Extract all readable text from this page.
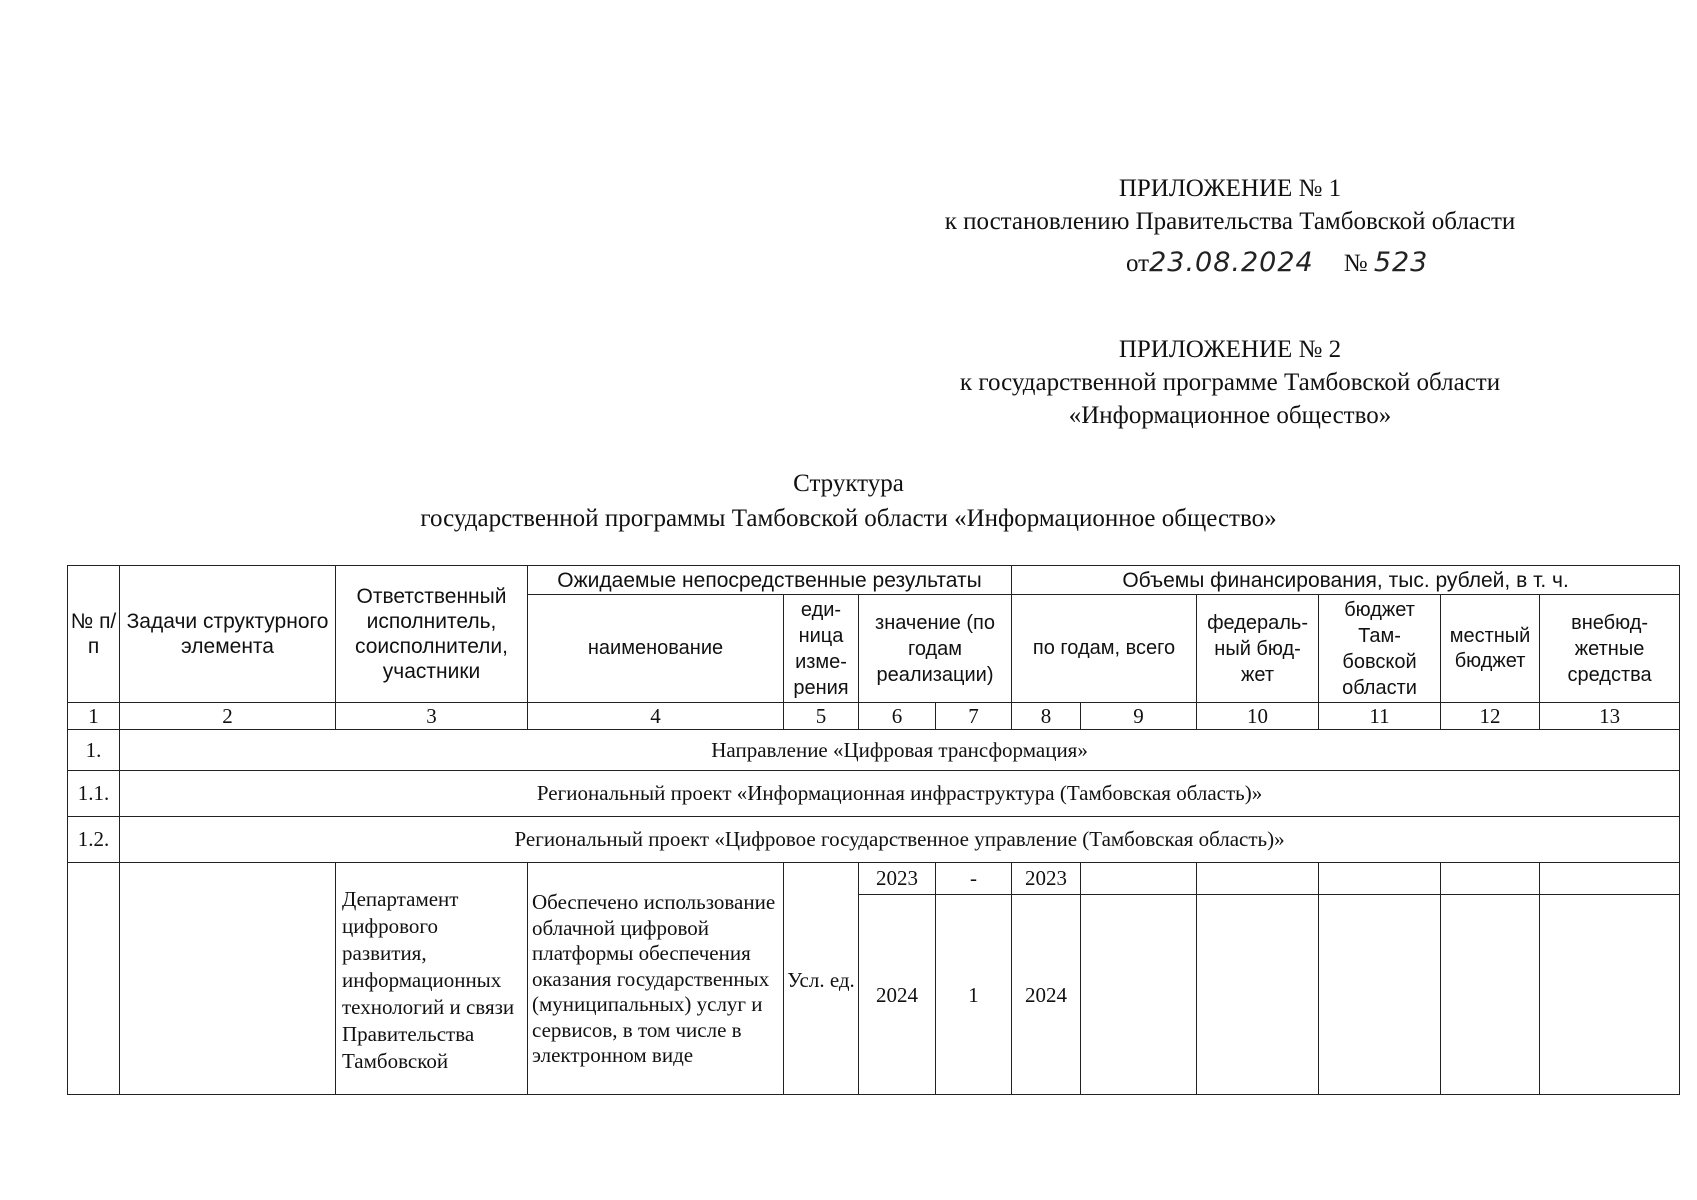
ПРИЛОЖЕНИЕ № 1
к постановлению Правительства Тамбовской области
от23.08.2024 № 523
ПРИЛОЖЕНИЕ № 2
к государственной программе Тамбовской области
«Информационное общество»
Структура
государственной программы Тамбовской области «Информационное общество»
№ п/п	Задачи структурного элемента	Ответственный исполнитель, соисполнители, участники	Ожидаемые непосредственные результаты				Объемы финансирования, тыс. рублей, в т. ч.					
			наименование	еди-ница изме-рения	значение (по годам реализации)		по годам, всего		федераль-ный бюд-жет	бюджет Там-бовской области	местный бюджет	внебюд-жетные средства
1	2	3	4	5	6	7	8	9	10	11	12	13
1.	Направление «Цифровая трансформация»											
1.1.	Региональный проект «Информационная инфраструктура (Тамбовская область)»											
1.2.	Региональный проект «Цифровое государственное управление (Тамбовская область)»											
		Департамент цифрового развития, информационных технологий и связи Правительства Тамбовской	Обеспечено использование облачной цифровой платформы обеспечения оказания государственных (муниципальных) услуг и сервисов, в том числе в электронном виде	Усл. ед.	2023	-	2023					
					2024	1	2024					
